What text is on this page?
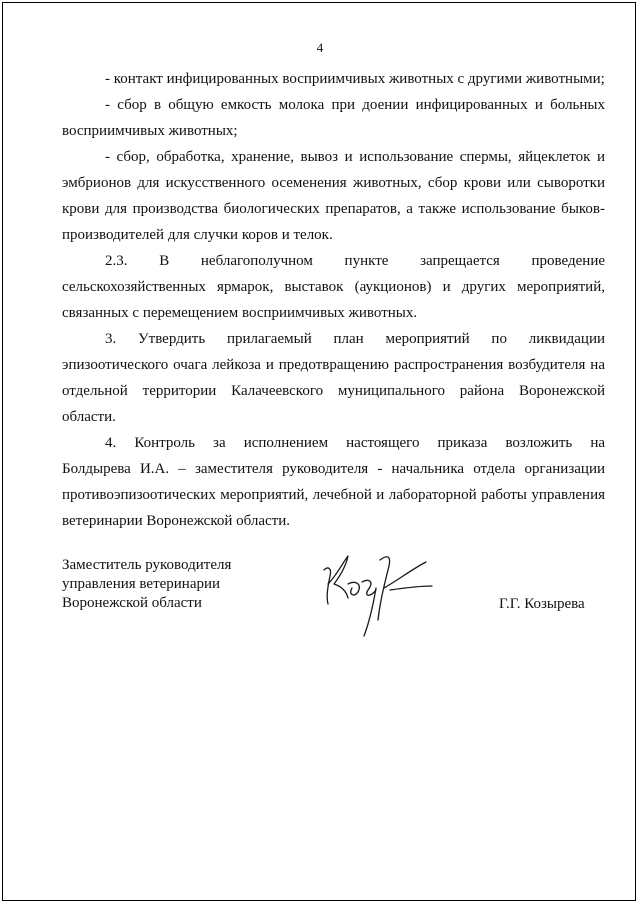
4

- контакт инфицированных восприимчивых животных с другими животными;

- сбор в общую емкость молока при доении инфицированных и больных восприимчивых животных;

- сбор, обработка, хранение, вывоз и использование спермы, яйцеклеток и эмбрионов для искусственного осеменения животных, сбор крови или сыворотки крови для производства биологических препаратов, а также использование быков-производителей для случки коров и телок.

2.3. В неблагополучном пункте запрещается проведение

сельскохозяйственных ярмарок, выставок (аукционов) и других мероприятий, связанных с перемещением восприимчивых животных.

3. Утвердить прилагаемый план мероприятий по ликвидации эпизоотического очага лейкоза и предотвращению распространения возбудителя на отдельной территории Калачеевского муниципального района Воронежской области.

4. Контроль за исполнением настоящего приказа возложить на

Болдырева И.А. – заместителя руководителя - начальника отдела организации противоэпизоотических мероприятий, лечебной и лабораторной работы управления ветеринарии Воронежской области.

Заместитель руководителя
управления ветеринарии
Воронежской области	Г.Г. Козырева
